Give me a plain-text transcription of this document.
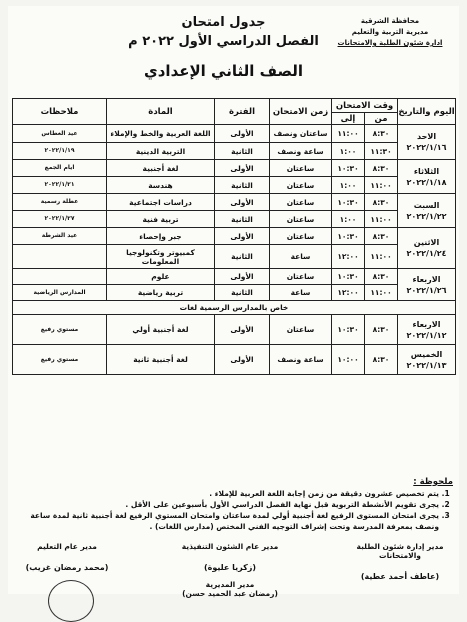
محافظة الشرقية
مديرية التربية والتعليم
ادارة شئون الطلبة والامتحانات
جدول امتحان
الفصل الدراسي الأول ٢٠٢٢ م
الصف الثاني الإعدادي
اليوم والتاريخ	وقت الامتحان		زمن الامتحان	الفترة	المادة	ملاحظات
	من	إلى				

الاحد
٢٠٢٢/١/١٦	٨:٣٠	١١:٠٠	ساعتان ونصف	الأولى	اللغة العربية والخط والإملاء	عيد الغطاس
	١١:٣٠	١:٠٠	ساعة ونصف	الثانية	التربية الدينية	٢٠٢٢/١/١٩

الثلاثاء
٢٠٢٢/١/١٨	٨:٣٠	١٠:٣٠	ساعتان	الأولى	لغة أجنبية	ايام الجمع
	١١:٠٠	١:٠٠	ساعتان	الثانية	هندسة	٢٠٢٢/١/٢١

السبت
٢٠٢٢/١/٢٢	٨:٣٠	١٠:٣٠	ساعتان	الأولى	دراسات اجتماعية	عطلة رسمية
	١١:٠٠	١:٠٠	ساعتان	الثانية	تربية فنية	٢٠٢٢/١/٢٧

الاثنين
٢٠٢٢/١/٢٤	٨:٣٠	١٠:٣٠	ساعتان	الأولى	جبر وإحصاء	عيد الشرطة
	١١:٠٠	١٢:٠٠	ساعة	الثانية	كمبيوتر وتكنولوجيا المعلومات	

الاربعاء
٢٠٢٢/١/٢٦	٨:٣٠	١٠:٣٠	ساعتان	الأولى	علوم	
	١١:٠٠	١٢:٠٠	ساعة	الثانية	تربية رياضية	المدارس الرياضية
خاص بالمدارس الرسمية لغات						

الاربعاء
٢٠٢٢/١/١٢	٨:٣٠	١٠:٣٠	ساعتان	الأولى	لغة أجنبية أولي	مستوي رفيع

الخميس
٢٠٢٢/١/١٣	٨:٣٠	١٠:٠٠	ساعة ونصف	الأولى	لغة أجنبية ثانية	مستوي رفيع
ملحوظة :
1. يتم تخصيص عشرون دقيقة من زمن إجابة اللغة العربية للإملاء .
2. يجرى تقويم الأنشطة التربوية قبل نهاية الفصل الدراسي الأول بأسبوعين على الأقل .
3. يجرى امتحان المستوى الرفيع لغة أجنبية أولي لمدة ساعتان وامتحان المستوي الرفيع لغة أجنبية ثانية لمدة ساعة ونصف بمعرفة المدرسة وتحت إشراف التوجيه الفني المختص (مدارس اللغات) .
مدير إدارة شئون الطلبة والامتحانات
(عاطف أحمد عطية)
مدير عام الشئون التنفيذية
(زكريا عليوة)
مدير المديرية
(رمضان عبد الحميد حسن)
مدير عام التعليم
(محمد رمضان غريب)
